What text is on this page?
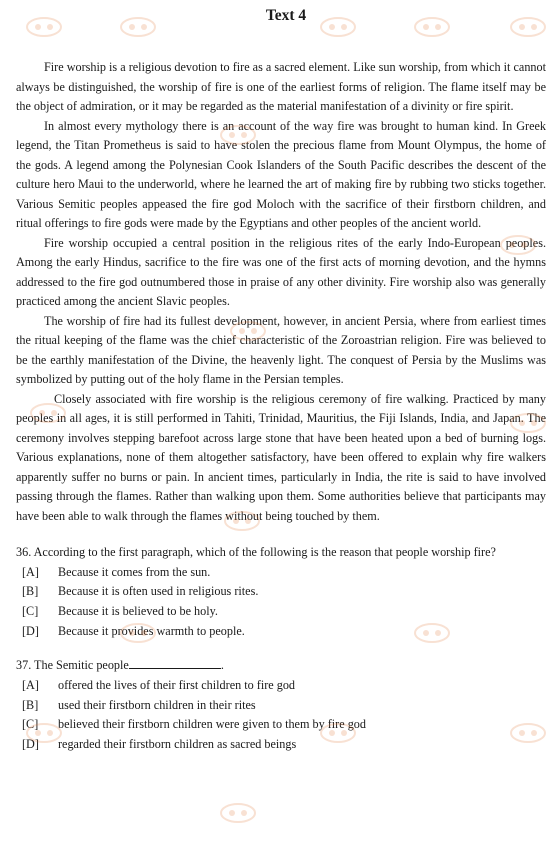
Text 4

Fire worship is a religious devotion to fire as a sacred element. Like sun worship, from which it cannot always be distinguished, the worship of fire is one of the earliest forms of religion. The flame itself may be the object of admiration, or it may be regarded as the material manifestation of a divinity or fire spirit.

In almost every mythology there is an account of the way fire was brought to human kind. In Greek legend, the Titan Prometheus is said to have stolen the precious flame from Mount Olympus, the home of the gods. A legend among the Polynesian Cook Islanders of the South Pacific describes the descent of the culture hero Maui to the underworld, where he learned the art of making fire by rubbing two sticks together. Various Semitic peoples appeased the fire god Moloch with the sacrifice of their firstborn children, and ritual offerings to fire gods were made by the Egyptians and other peoples of the ancient world.

Fire worship occupied a central position in the religious rites of the early Indo-European peoples. Among the early Hindus, sacrifice to the fire was one of the first acts of morning devotion, and the hymns addressed to the fire god outnumbered those in praise of any other divinity. Fire worship also was generally practiced among the ancient Slavic peoples.

The worship of fire had its fullest development, however, in ancient Persia, where from earliest times the ritual keeping of the flame was the chief characteristic of the Zoroastrian religion. Fire was believed to be the earthly manifestation of the Divine, the heavenly light. The conquest of Persia by the Muslims was symbolized by putting out of the holy flame in the Persian temples.

Closely associated with fire worship is the religious ceremony of fire walking. Practiced by many peoples in all ages, it is still performed in Tahiti, Trinidad, Mauritius, the Fiji Islands, India, and Japan. The ceremony involves stepping barefoot across large stone that have been heated upon a bed of burning logs. Various explanations, none of them altogether satisfactory, have been offered to explain why fire walkers apparently suffer no burns or pain. In ancient times, particularly in India, the rite is said to have involved passing through the flames. Rather than walking upon them. Some authorities believe that participants may have been able to walk through the flames without being touched by them.

36. According to the first paragraph, which of the following is the reason that people worship fire?

[A] Because it comes from the sun.
[B] Because it is often used in religious rites.
[C] Because it is believed to be holy.
[D] Because it provides warmth to people.

37. The Semitic people	.

[A] offered the lives of their first children to fire god
[B] used their firstborn children in their rites
[C] believed their firstborn children were given to them by fire god
[D] regarded their firstborn children as sacred beings
